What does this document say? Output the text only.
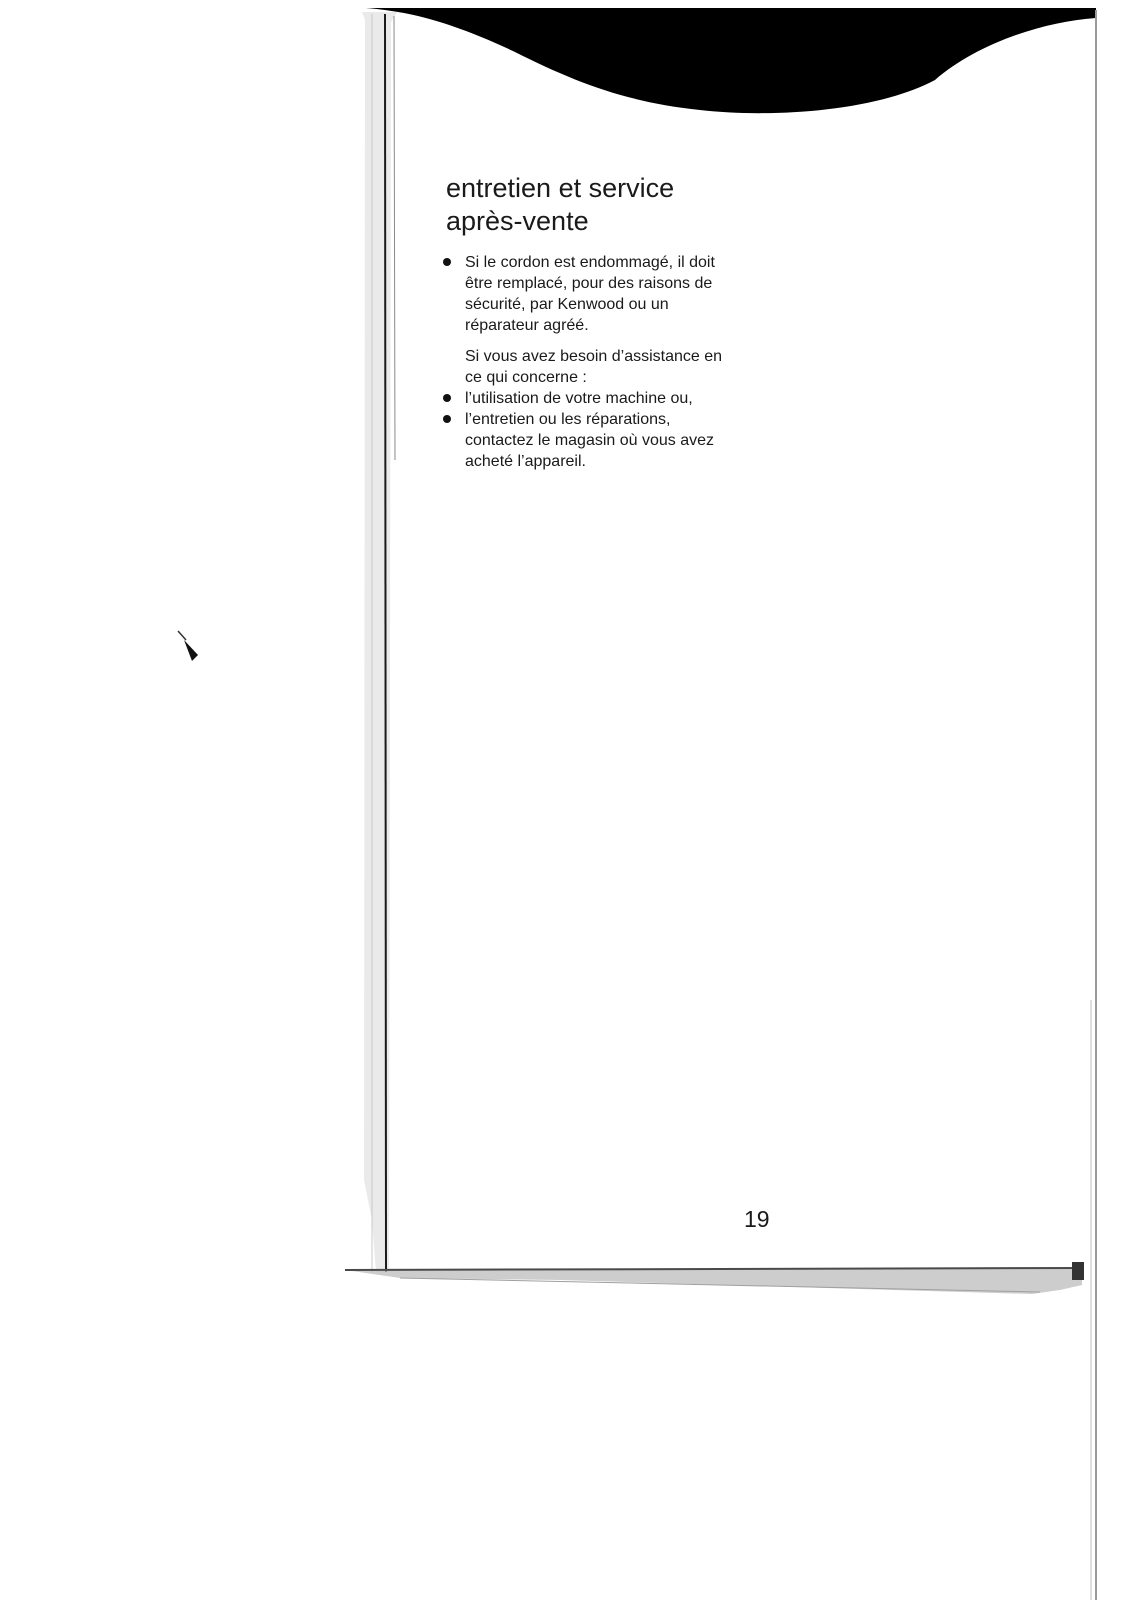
entretien et service
après-vente
Si le cordon est endommagé, il doit
être remplacé, pour des raisons de
sécurité, par Kenwood ou un
réparateur agréé.
Si vous avez besoin d’assistance en
ce qui concerne :
l’utilisation de votre machine ou,
l’entretien ou les réparations,
contactez le magasin où vous avez
acheté l’appareil.
19
